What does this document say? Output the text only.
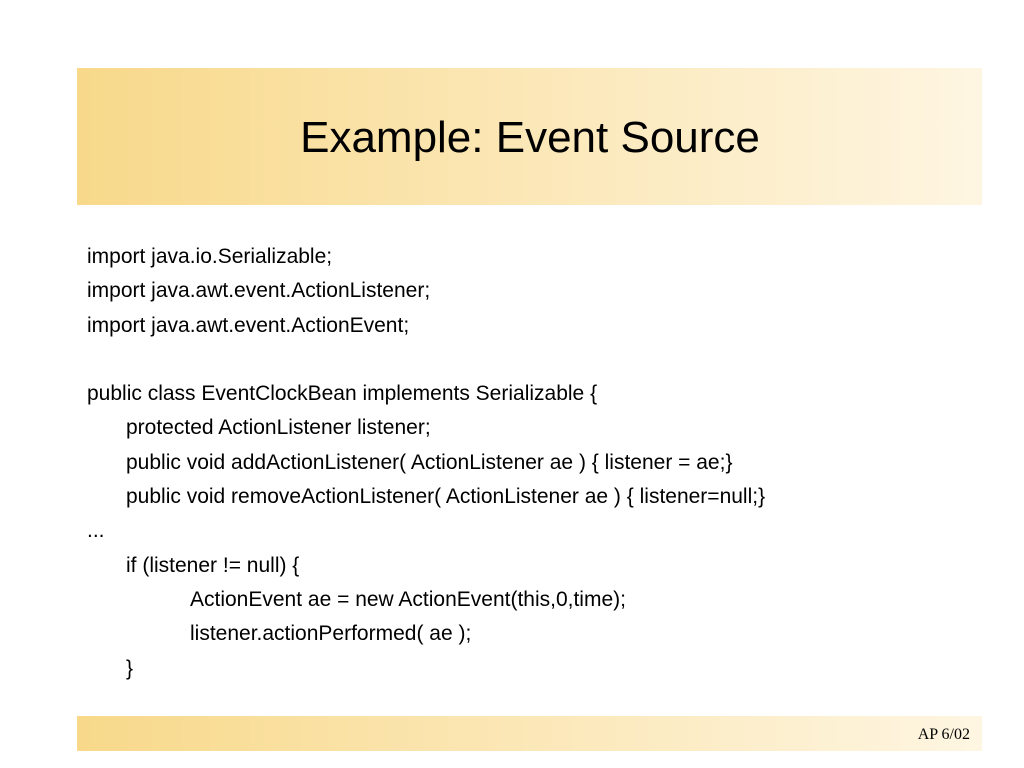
Example: Event Source
import java.io.Serializable;
import java.awt.event.ActionListener;
import java.awt.event.ActionEvent;
public class EventClockBean implements Serializable {
protected ActionListener listener;
public void addActionListener( ActionListener ae ) { listener = ae;}
public void removeActionListener( ActionListener ae ) { listener=null;}
...
if (listener != null) {
ActionEvent ae = new ActionEvent(this,0,time);
listener.actionPerformed( ae );
}
AP 6/02
